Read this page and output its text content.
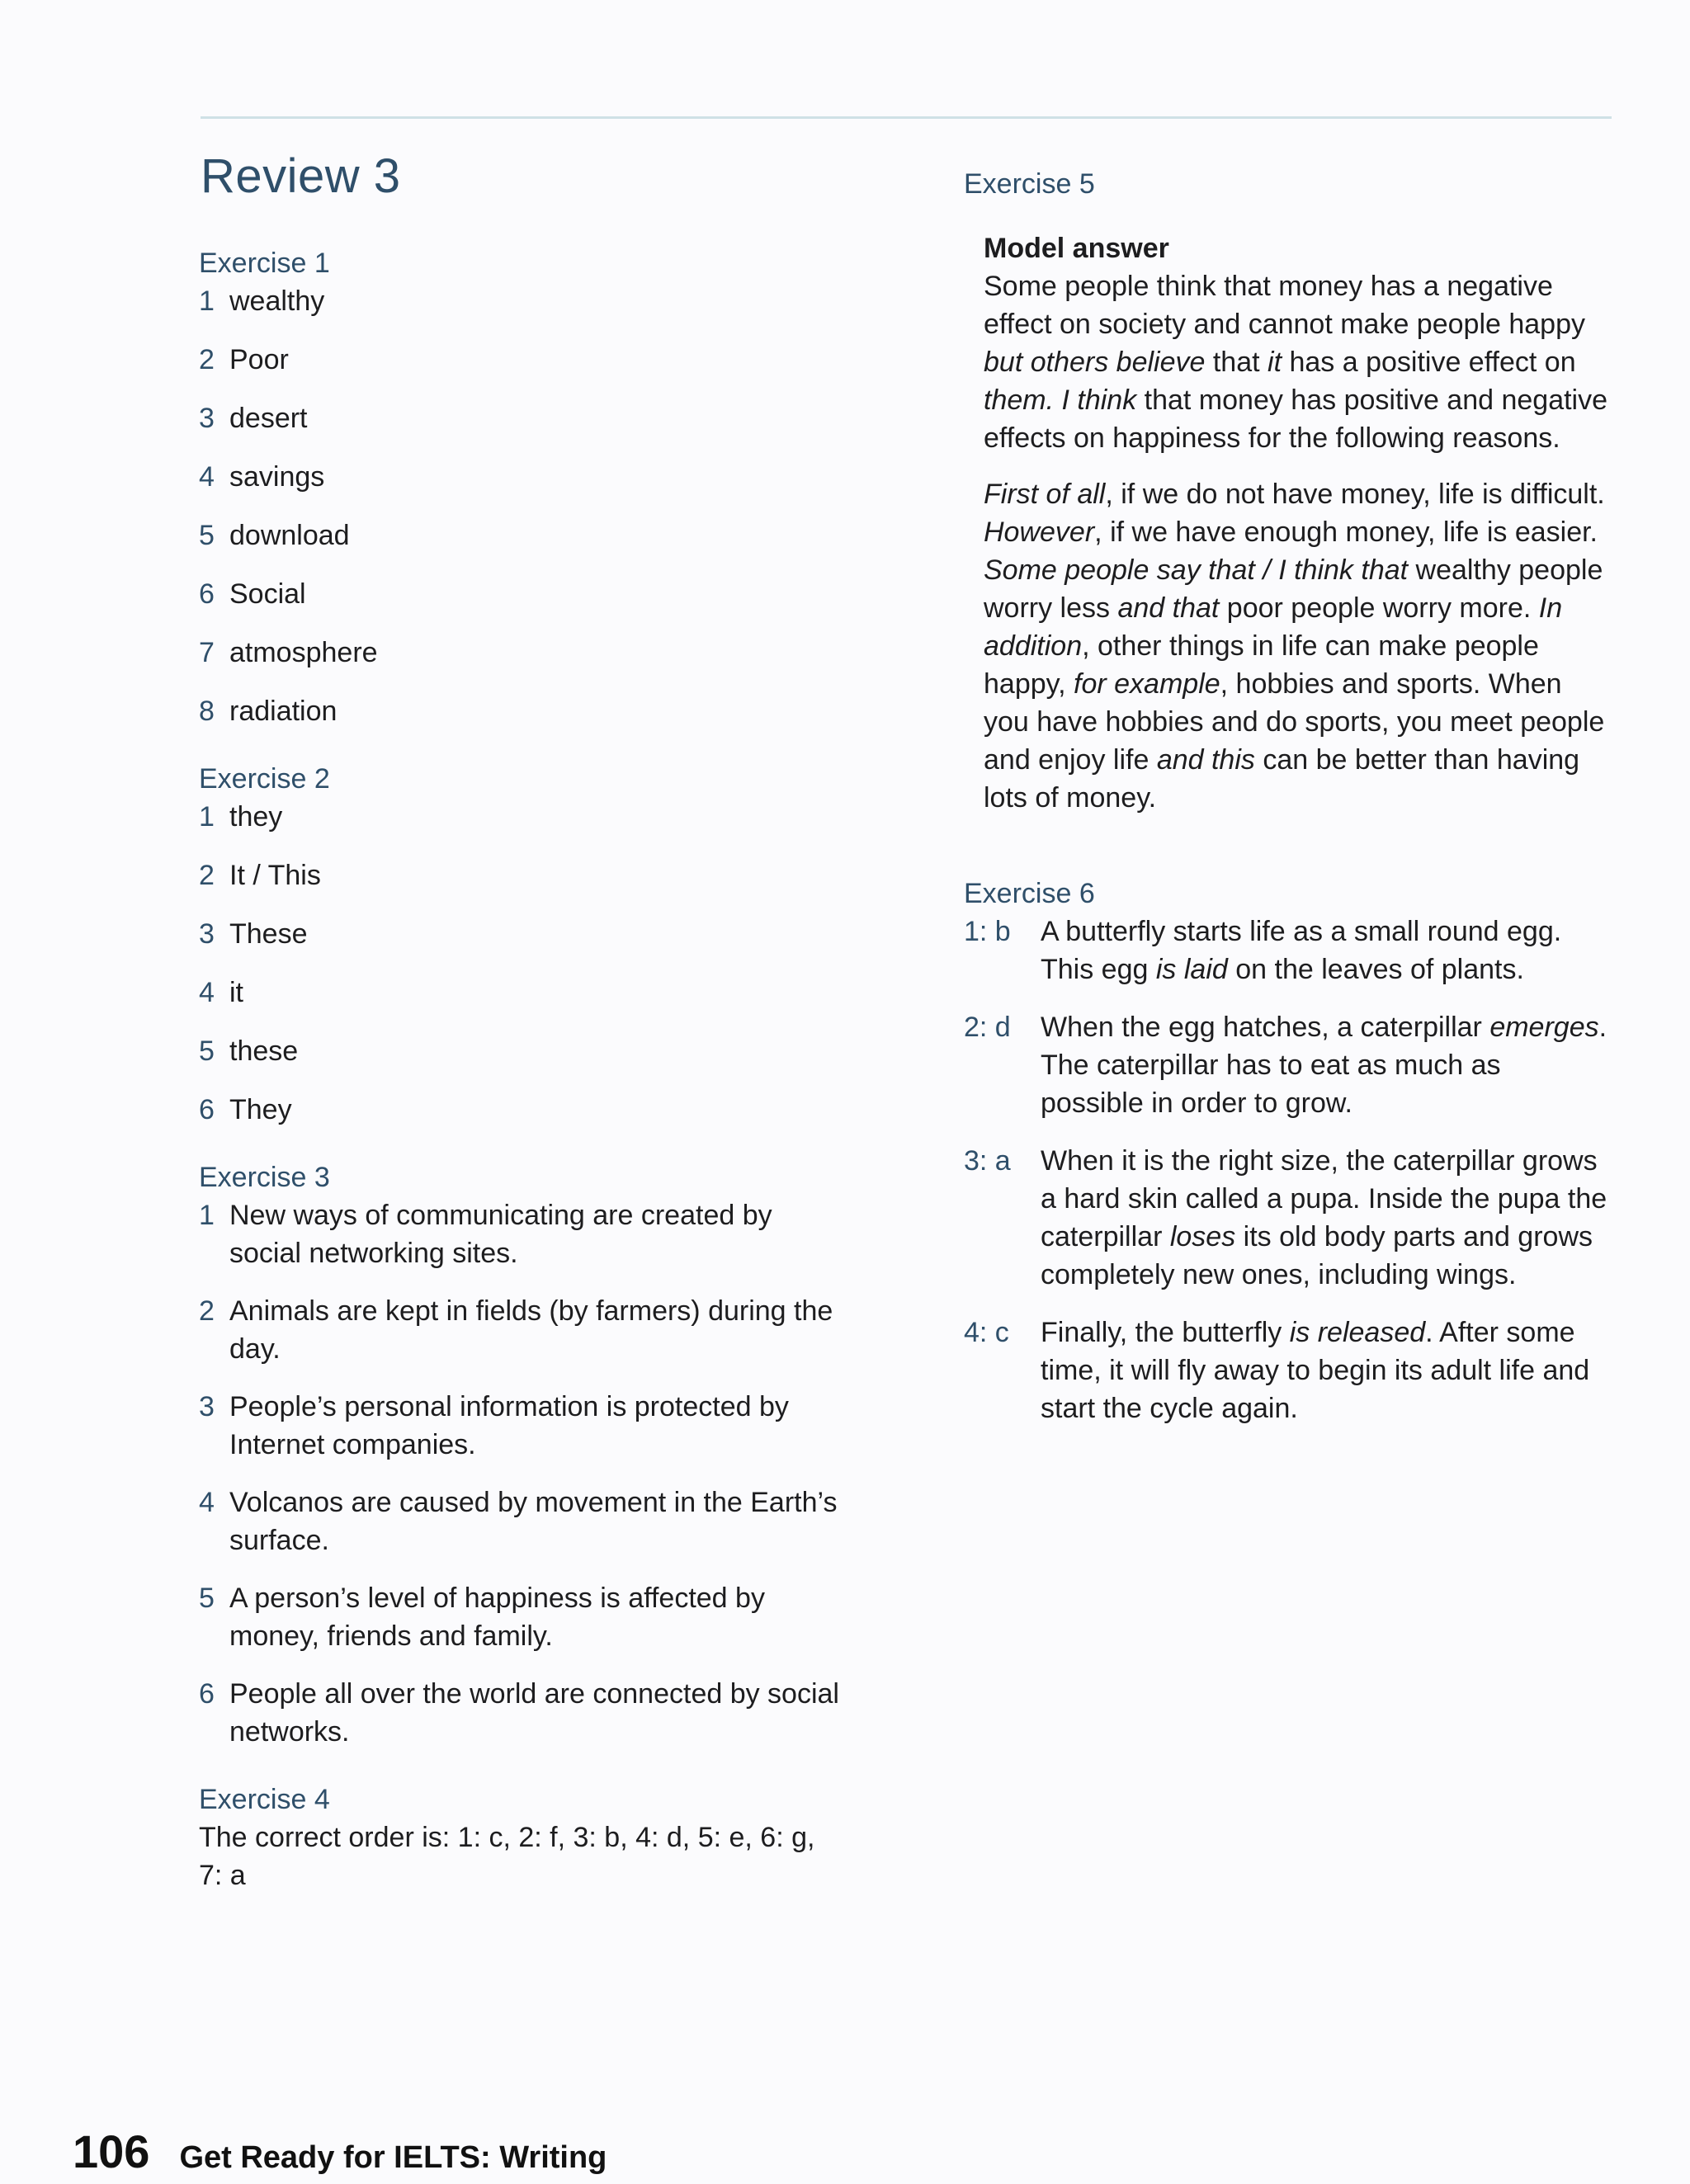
Review 3
Exercise 1
1 wealthy
2 Poor
3 desert
4 savings
5 download
6 Social
7 atmosphere
8 radiation
Exercise 2
1 they
2 It / This
3 These
4 it
5 these
6 They
Exercise 3
1 New ways of communicating are created by social networking sites.
2 Animals are kept in fields (by farmers) during the day.
3 People’s personal information is protected by Internet companies.
4 Volcanos are caused by movement in the Earth’s surface.
5 A person’s level of happiness is affected by money, friends and family.
6 People all over the world are connected by social networks.
Exercise 4
The correct order is: 1: c, 2: f, 3: b, 4: d, 5: e, 6: g, 7: a
Exercise 5
Model answer

Some people think that money has a negative effect on society and cannot make people happy but others believe that it has a positive effect on them. I think that money has positive and negative effects on happiness for the following reasons.

First of all, if we do not have money, life is difficult. However, if we have enough money, life is easier. Some people say that / I think that wealthy people worry less and that poor people worry more. In addition, other things in life can make people happy, for example, hobbies and sports. When you have hobbies and do sports, you meet people and enjoy life and this can be better than having lots of money.

Exercise 6
1: b	A butterfly starts life as a small round egg. This egg is laid on the leaves of plants.
2: d	When the egg hatches, a caterpillar emerges. The caterpillar has to eat as much as possible in order to grow.
3: a	When it is the right size, the caterpillar grows a hard skin called a pupa. Inside the pupa the caterpillar loses its old body parts and grows completely new ones, including wings.
4: c	Finally, the butterfly is released. After some time, it will fly away to begin its adult life and start the cycle again.
106 Get Ready for IELTS: Writing
